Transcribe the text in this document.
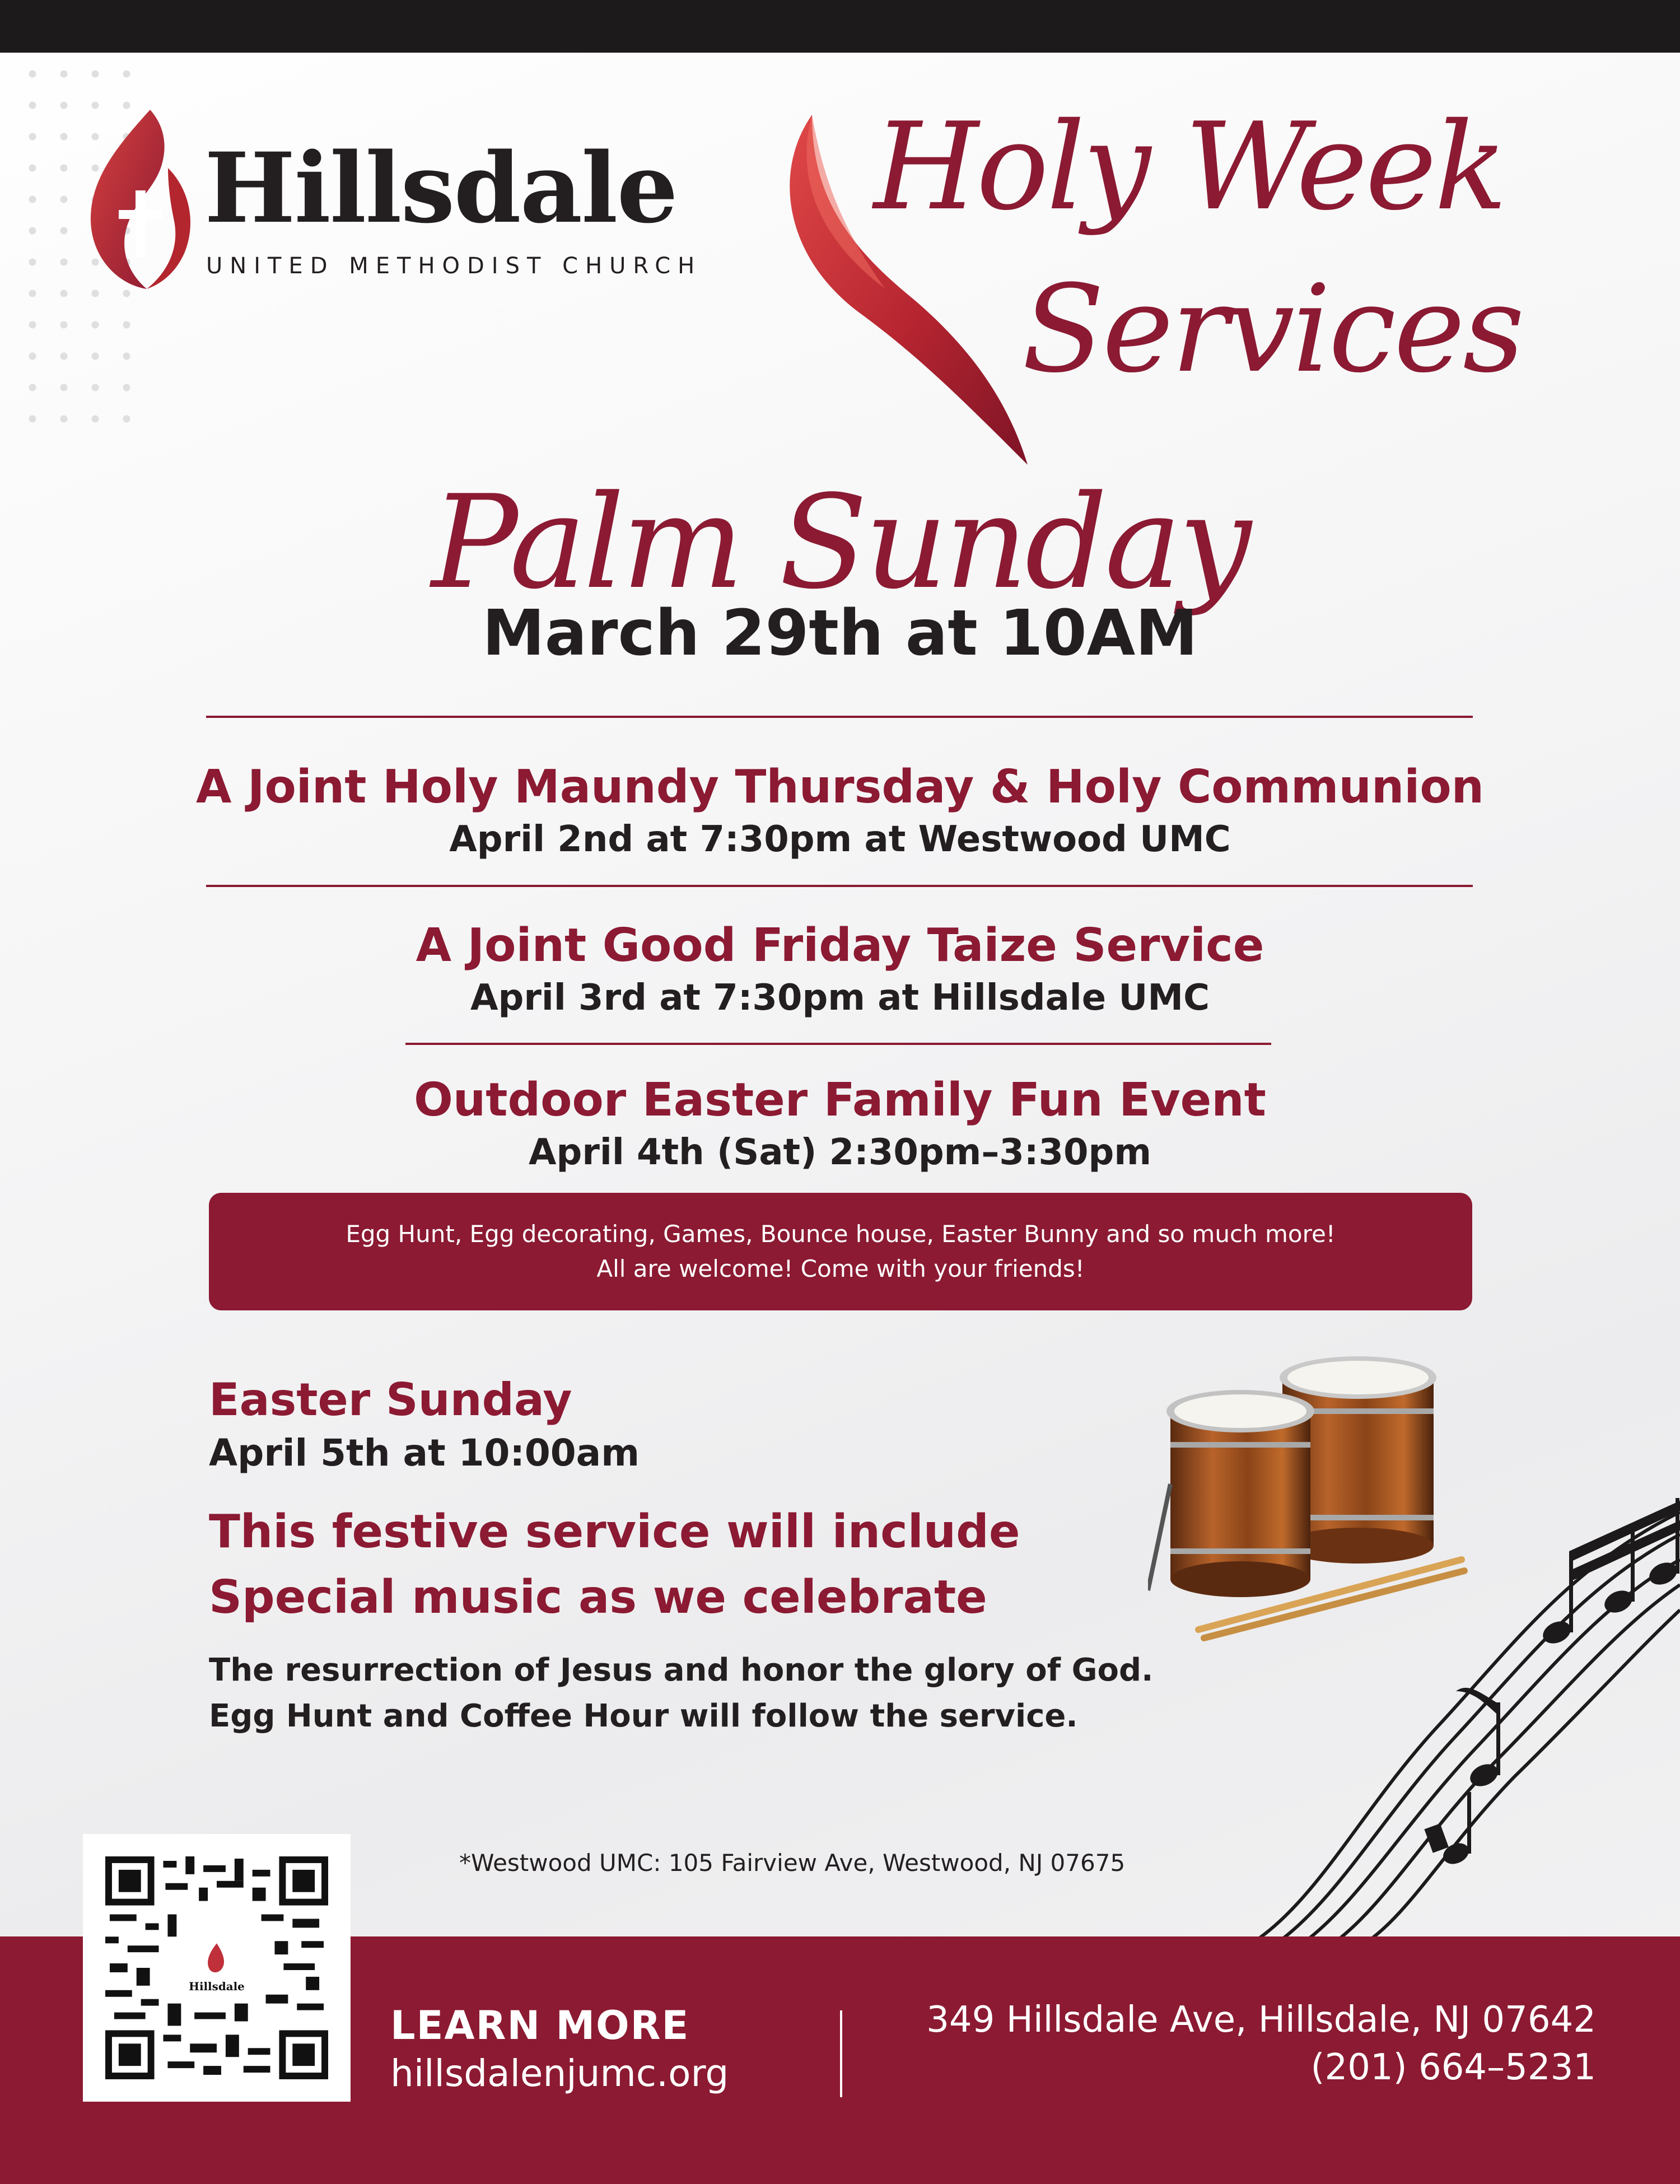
Hillsdale
UNITED METHODIST CHURCH
Holy Week
Services
Palm Sunday
March 29th at 10AM
A Joint Holy Maundy Thursday & Holy Communion
April 2nd at 7:30pm at Westwood UMC
A Joint Good Friday Taize Service
April 3rd at 7:30pm at Hillsdale UMC
Outdoor Easter Family Fun Event
April 4th (Sat) 2:30pm–3:30pm
Egg Hunt, Egg decorating, Games, Bounce house, Easter Bunny and so much more!
All are welcome! Come with your friends!
Easter Sunday
April 5th at 10:00am
This festive service will include
Special music as we celebrate
The resurrection of Jesus and honor the glory of God.
Egg Hunt and Coffee Hour will follow the service.
*Westwood UMC: 105 Fairview Ave, Westwood, NJ 07675
Hillsdale
LEARN MORE
hillsdalenjumc.org
349 Hillsdale Ave, Hillsdale, NJ 07642
(201) 664–5231
